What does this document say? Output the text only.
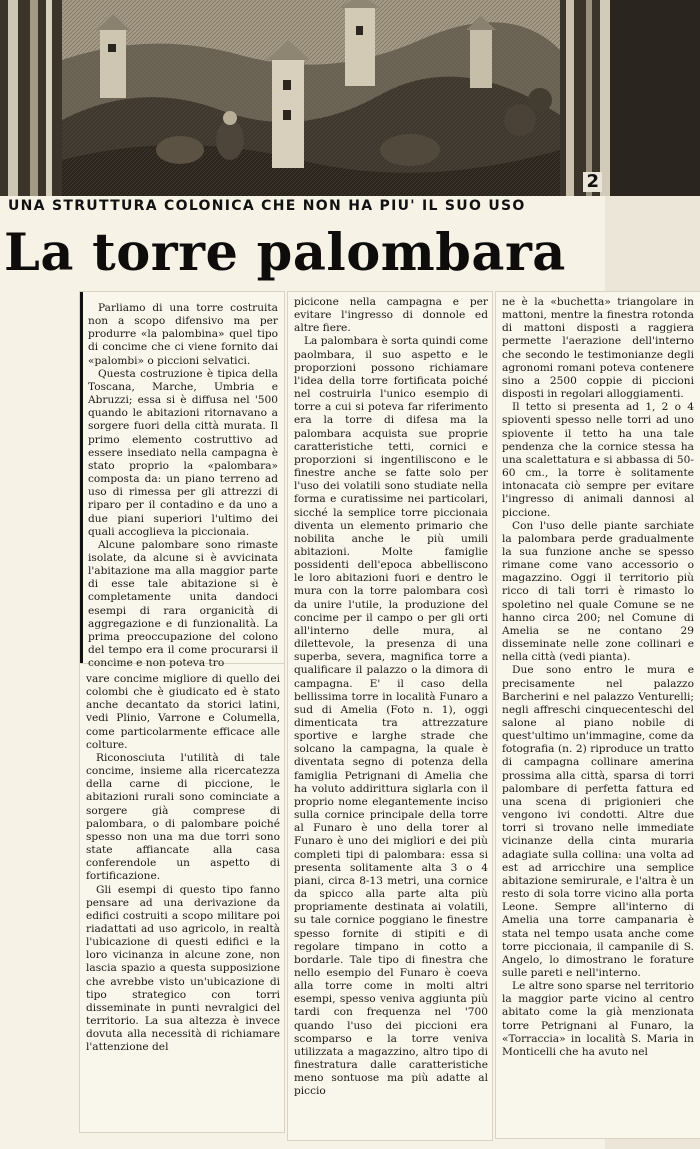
2
UNA STRUTTURA COLONICA CHE NON HA PIU' IL SUO USO
La torre palombara

Parliamo di una torre costruita non a scopo difensivo ma per produrre «la palombina» quel tipo di concime che ci viene fornito dai «palombi» o piccioni selvatici.

Questa costruzione è tipica della Toscana, Marche, Umbria e Abruzzi; essa si è diffusa nel '500 quando le abitazioni ritornavano a sorgere fuori della città murata. Il primo elemento costruttivo ad essere insediato nella campagna è stato proprio la «palombara» composta da: un piano terreno ad uso di rimessa per gli attrezzi di riparo per il contadino e da uno a due piani superiori l'ultimo dei quali accoglieva la piccionaia.

Alcune palombare sono rimaste isolate, da alcune si è avvicinata l'abitazione ma alla maggior parte di esse tale abitazione si è completamente unita dandoci esempi di rara organicità di aggregazione e di funzionalità. La prima preoccupazione del colono del tempo era il come procurarsi il concime e non poteva tro

vare concime migliore di quello dei colombi che è giudicato ed è stato anche decantato da storici latini, vedi Plinio, Varrone e Columella, come particolarmente efficace alle colture.

Riconosciuta l'utilità di tale concime, insieme alla ricercatezza della carne di piccione, le abitazioni rurali sono cominciate a sorgere già comprese di palombara, o di palombare poiché spesso non una ma due torri sono state affiancate alla casa conferendole un aspetto di fortificazione.

Gli esempi di questo tipo fanno pensare ad una derivazione da edifici costruiti a scopo militare poi riadattati ad uso agricolo, in realtà l'ubicazione di questi edifici e la loro vicinanza in alcune zone, non lascia spazio a questa supposizione che avrebbe visto un'ubicazione di tipo strategico con torri disseminate in punti nevralgici del territorio. La sua altezza è invece dovuta alla necessità di richiamare l'attenzione del

picicone nella campagna e per evitare l'ingresso di donnole ed altre fiere.

La palombara è sorta quindi come paolmbara, il suo aspetto e le proporzioni possono richiamare l'idea della torre fortificata poiché nel costruirla l'unico esempio di torre a cui si poteva far riferimento era la torre di difesa ma la palombara acquista sue proprie caratteristiche tetti, cornici e proporzioni si ingentiliscono e le finestre anche se fatte solo per l'uso dei volatili sono studiate nella forma e curatissime nei particolari, sicché la semplice torre piccionaia diventa un elemento primario che nobilita anche le più umili abitazioni. Molte famiglie possidenti dell'epoca abbelliscono le loro abitazioni fuori e dentro le mura con la torre palombara così da unire l'utile, la produzione del concime per il campo o per gli orti all'interno delle mura, al dilettevole, la presenza di una superba, severa, magnifica torre a qualificare il palazzo o la dimora di campagna. E' il caso della bellissima torre in località Funaro a sud di Amelia (Foto n. 1), oggi dimenticata tra attrezzature sportive e larghe strade che solcano la campagna, la quale è diventata segno di potenza della famiglia Petrignani di Amelia che ha voluto addirittura siglarla con il proprio nome elegantemente inciso sulla cornice principale della torre al Funaro è uno della torer al Funaro è uno dei migliori e dei più completi tipi di palombara: essa si presenta solitamente alta 3 o 4 piani, circa 8-13 metri, una cornice da spicco alla parte alta più propriamente destinata ai volatili, su tale cornice poggiano le finestre spesso fornite di stipiti e di regolare timpano in cotto a bordarle. Tale tipo di finestra che nello esempio del Funaro è coeva alla torre come in molti altri esempi, spesso veniva aggiunta più tardi con frequenza nel '700 quando l'uso dei piccioni era scomparso e la torre veniva utilizzata a magazzino, altro tipo di finestratura dalle caratteristiche meno sontuose ma più adatte al piccio

ne è la «buchetta» triangolare in mattoni, mentre la finestra rotonda di mattoni disposti a raggiera permette l'aerazione dell'interno che secondo le testimonianze degli agronomi romani poteva contenere sino a 2500 coppie di piccioni disposti in regolari alloggiamenti.

Il tetto si presenta ad 1, 2 o 4 spioventi spesso nelle torri ad uno spiovente il tetto ha una tale pendenza che la cornice stessa ha una scalettatura e si abbassa di 50-60 cm., la torre è solitamente intonacata ciò sempre per evitare l'ingresso di animali dannosi al piccione.

Con l'uso delle piante sarchiate la palombara perde gradualmente la sua funzione anche se spesso rimane come vano accessorio o magazzino. Oggi il territorio più ricco di tali torri è rimasto lo spoletino nel quale Comune se ne hanno circa 200; nel Comune di Amelia se ne contano 29 disseminate nelle zone collinari e nella città (vedi pianta).

Due sono entro le mura e precisamente nel palazzo Barcherini e nel palazzo Venturelli; negli affreschi cinquecenteschi del salone al piano nobile di quest'ultimo un'immagine, come da fotografia (n. 2) riproduce un tratto di campagna collinare amerina prossima alla città, sparsa di torri palombare di perfetta fattura ed una scena di prigionieri che vengono ivi condotti. Altre due torri si trovano nelle immediate vicinanze della cinta muraria adagiate sulla collina: una volta ad est ad arricchire una semplice abitazione semirurale, e l'altra è un resto di sola torre vicino alla porta Leone. Sempre all'interno di Amelia una torre campanaria è stata nel tempo usata anche come torre piccionaia, il campanile di S. Angelo, lo dimostrano le forature sulle pareti e nell'interno.

Le altre sono sparse nel territorio la maggior parte vicino al centro abitato come la già menzionata torre Petrignani al Funaro, la «Torraccia» in località S. Maria in Monticelli che ha avuto nel
